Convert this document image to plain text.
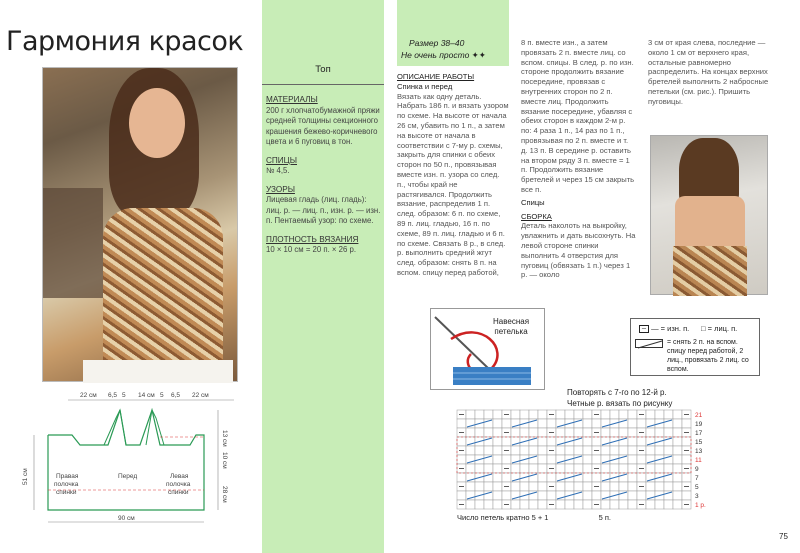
Гармония красок
22 см 6,5 5 14 см 5 6,5 22 см
51 см
13 см
10 см
28 см
90 см
Правая
полочка
спинки
Перед	Левая
полочка
спинки
Топ

МАТЕРИАЛЫ
200 г хлопчатобумажной пряжи средней толщины секционного крашения бежево-коричневого цвета и 6 пуговиц в тон.

СПИЦЫ
№ 4,5.

УЗОРЫ
Лицевая гладь (лиц. гладь): лиц. р. — лиц. п., изн. р. — изн. п. Пентаемый узор: по схеме.

ПЛОТНОСТЬ ВЯЗАНИЯ
10 × 10 см = 20 п. × 26 р.

Размер 38–40
Не очень просто ✦✦
ОПИСАНИЕ РАБОТЫ
Спинка и перед
Вязать как одну деталь. Набрать 186 п. и вязать узором по схеме. На высоте от начала 26 см, убавить по 1 п., а затем на высоте от начала в соответствии с 7-му р. схемы, закрыть для спинки с обеих сторон по 50 п., провязывая вместе изн. п. узора со след. п., чтобы край не растягивался. Продолжить вязание, распределив 1 п. след. образом: 6 п. по схеме, 89 п. лиц. гладью, 16 п. по схеме, 89 п. лиц. гладью и 6 п. по схеме. Связать 8 р., в след. р. выполнить средний жгут след. образом: снять 8 п. на вспом. спицу перед работой,
8 п. вместе изн., а затем провязать 2 п. вместе лиц. со вспом. спицы. В след. р. по изн. стороне продолжить вязание посередине, провязав с внутренних сторон по 2 п. вместе лиц. Продолжить вязание посередине, убавляя с обеих сторон в каждом 2-м р. по: 4 раза 1 п., 14 раз по 1 п., провязывая по 2 п. вместе и т. д. 13 п. В середине р. оставить на втором ряду 3 п. вместе = 1 п. Продолжить вязание бретелей и через 15 см закрыть все п.
Спицы
СБОРКА
Деталь наколоть на выкройку, увлажнить и дать высохнуть. На левой стороне спинки выполнить 4 отверстия для пуговиц (обвязать 1 п.) через 1 р. — около
3 см от края слева, последние — около 1 см от верхнего края, остальные равномерно распределить. На концах верхних бретелей выполнить 2 набросные петельки (см. рис.). Пришить пуговицы.
Навесная
петелька	– — = изн. п. □ = лиц. п.
= снять 2 п. на вспом. спицу перед работой, 2 лиц., провязать 2 лиц. со вспом.
Повторять с 7-го по 12-й р.
Четные р. вязать по рисунку
21
19
17
15
13
11
9
7
5
3
1 р.
Число петель кратно 5 + 1	5 п.
75
